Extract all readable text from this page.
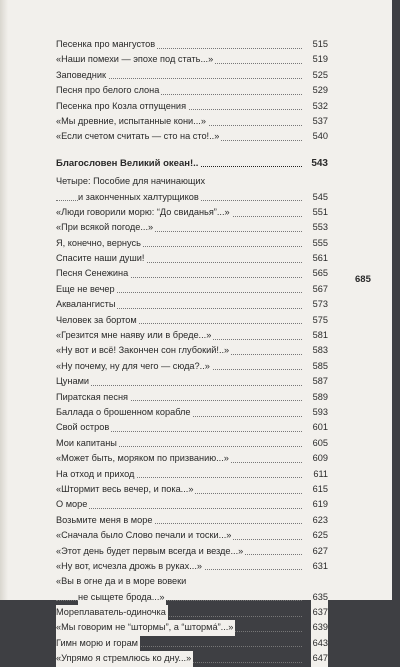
Песенка про мангустов	515
«Наши помехи — эпохе под стать...»	519
Заповедник	525
Песня про белого слона	529
Песенка про Козла отпущения	532
«Мы древние, испытанные кони...»	537
«Если счетом считать — сто на сто!..»	540
Благословен Великий океан!..	543
Четыре: Пособие для начинающих
и законченных халтурщиков	545
«Люди говорили морю: “До свиданья”...»	551
«При всякой погоде...»	553
Я, конечно, вернусь	555
Спасите наши души!	561
Песня Сенежина	565
Еще не вечер	567
Аквалангисты	573
Человек за бортом	575
«Грезится мне наяву или в бреде...»	581
«Ну вот и всё! Закончен сон глубокий!..»	583
«Ну почему, ну для чего — сюда?..»	585
Цунами	587
Пиратская песня	589
Баллада о брошенном корабле	593
Свой остров	601
Мои капитаны	605
«Может быть, моряком по призванию...»	609
На отход и приход	611
«Штормит весь вечер, и пока...»	615
О море	619
Возьмите меня в море	623
«Сначала было Слово печали и тоски...»	625
«Этот день будет первым всегда и везде...»	627
«Ну вот, исчезла дрожь в руках...»	631
«Вы в огне да и в море вовеки
не сыщете брода...»	635
Мореплаватель-одиночка	637
«Мы говорим не “штормы”, а “штормá”...»	639
Гимн морю и горам	643
«Упрямо я стремлюсь ко дну...»	647
685
